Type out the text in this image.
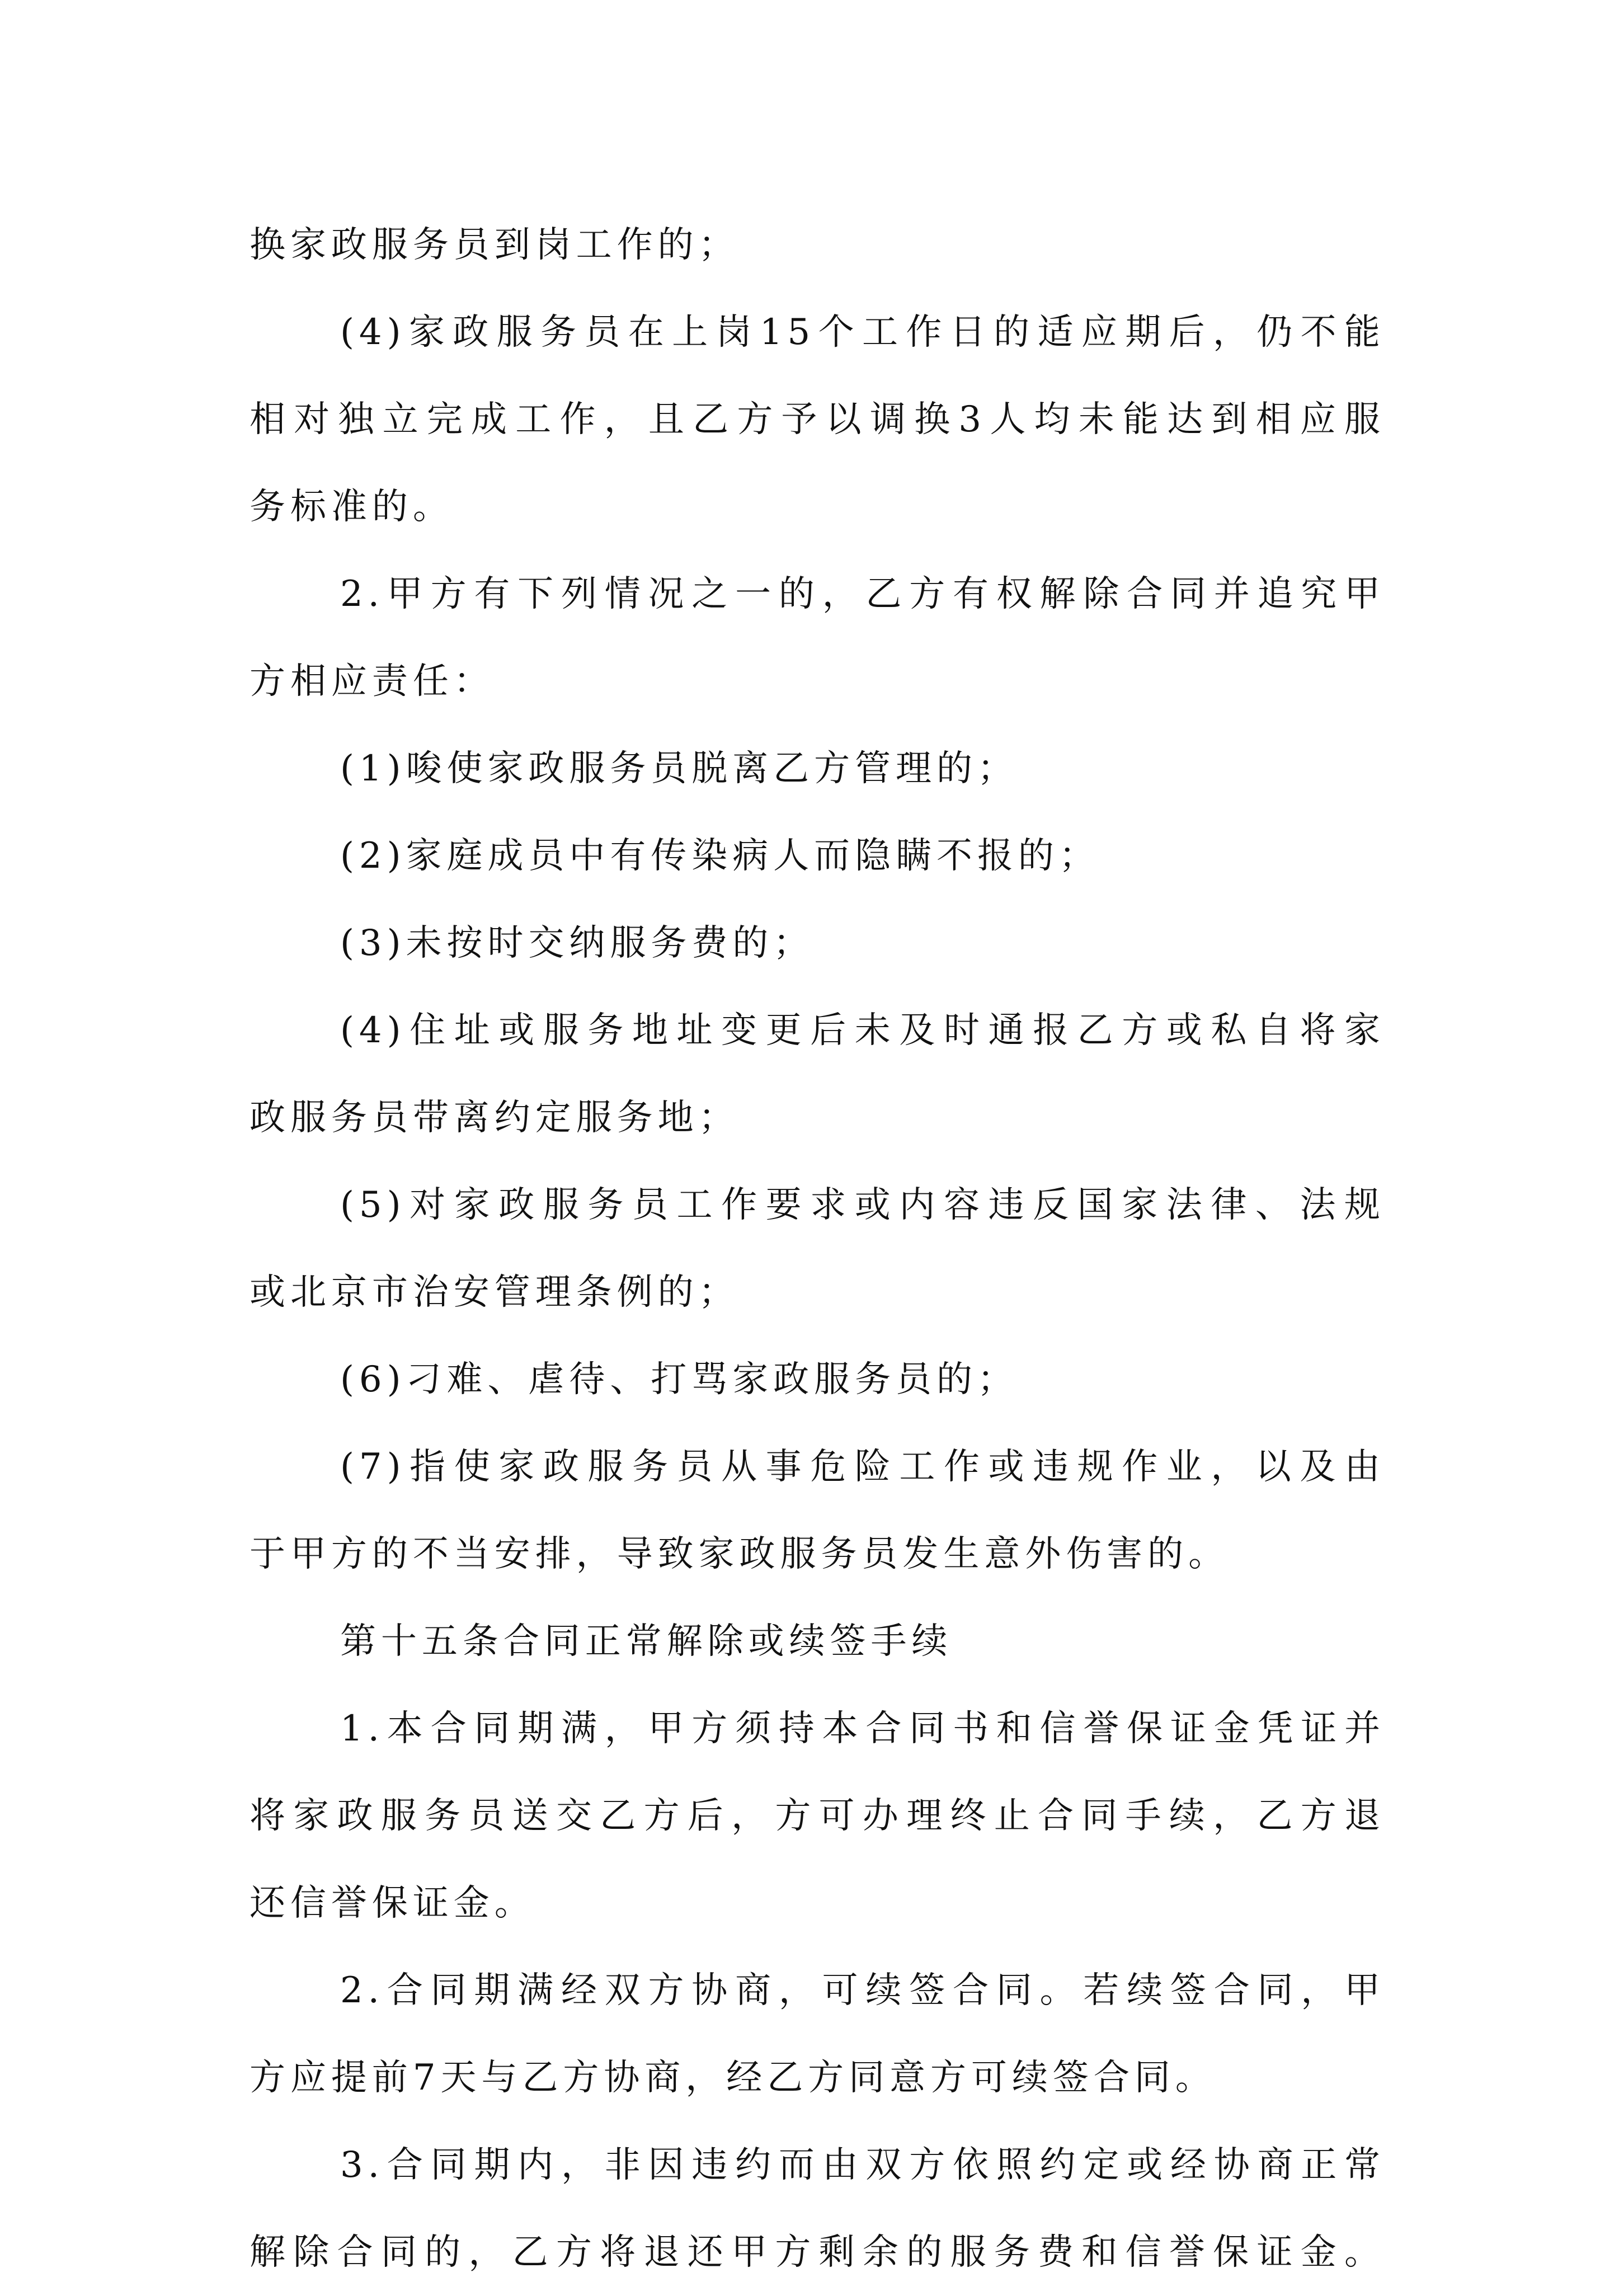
换家政服务员到岗工作的；
(4)家政服务员在上岗15个工作日的适应期后，仍不能
相对独立完成工作，且乙方予以调换3人均未能达到相应服
务标准的。
2.甲方有下列情况之一的，乙方有权解除合同并追究甲
方相应责任：
(1)唆使家政服务员脱离乙方管理的；
(2)家庭成员中有传染病人而隐瞒不报的；
(3)未按时交纳服务费的；
(4)住址或服务地址变更后未及时通报乙方或私自将家
政服务员带离约定服务地；
(5)对家政服务员工作要求或内容违反国家法律、法规
或北京市治安管理条例的；
(6)刁难、虐待、打骂家政服务员的；
(7)指使家政服务员从事危险工作或违规作业，以及由
于甲方的不当安排，导致家政服务员发生意外伤害的。
第十五条合同正常解除或续签手续
1.本合同期满，甲方须持本合同书和信誉保证金凭证并
将家政服务员送交乙方后，方可办理终止合同手续，乙方退
还信誉保证金。
2.合同期满经双方协商，可续签合同。若续签合同，甲
方应提前7天与乙方协商，经乙方同意方可续签合同。
3.合同期内，非因违约而由双方依照约定或经协商正常
解除合同的，乙方将退还甲方剩余的服务费和信誉保证金。
